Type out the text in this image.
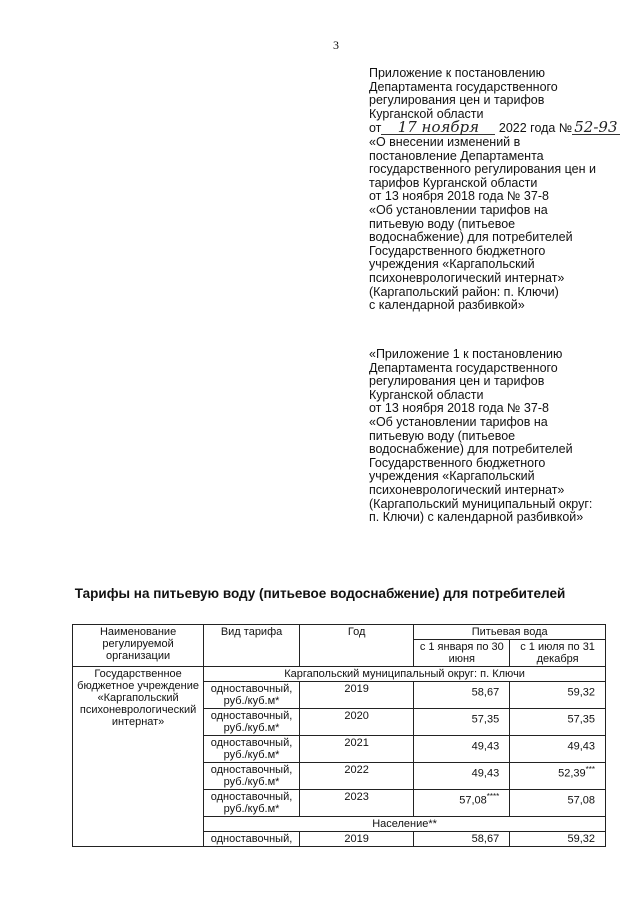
3
Приложение к постановлению
Департамента государственного
регулирования цен и тарифов
Курганской области
от 17 ноября 2022 года № 52-93
«О внесении изменений в
постановление Департамента
государственного регулирования цен и
тарифов Курганской области
от 13 ноября 2018 года № 37-8
«Об установлении тарифов на
питьевую воду (питьевое
водоснабжение) для потребителей
Государственного бюджетного
учреждения «Каргапольский
психоневрологический интернат»
(Каргапольский район: п. Ключи)
с календарной разбивкой»
«Приложение 1 к постановлению
Департамента государственного
регулирования цен и тарифов
Курганской области
от 13 ноября 2018 года № 37-8
«Об установлении тарифов на
питьевую воду (питьевое
водоснабжение) для потребителей
Государственного бюджетного
учреждения «Каргапольский
психоневрологический интернат»
(Каргапольский муниципальный округ:
п. Ключи) с календарной разбивкой»
Тарифы на питьевую воду (питьевое водоснабжение) для потребителей
Наименование регулируемой организации	Вид тарифа	Год	Питьевая вода	
			с 1 января по 30 июня	с 1 июля по 31 декабря
Государственное бюджетное учреждение «Каргапольский психоневрологический интернат»	Каргапольский муниципальный округ: п. Ключи			
	одноставочный, руб./куб.м*	2019	58,67	59,32
	одноставочный, руб./куб.м*	2020	57,35	57,35
	одноставочный, руб./куб.м*	2021	49,43	49,43
	одноставочный, руб./куб.м*	2022	49,43	52,39***
	одноставочный, руб./куб.м*	2023	57,08****	57,08
	Население**			
	одноставочный,	2019	58,67	59,32
